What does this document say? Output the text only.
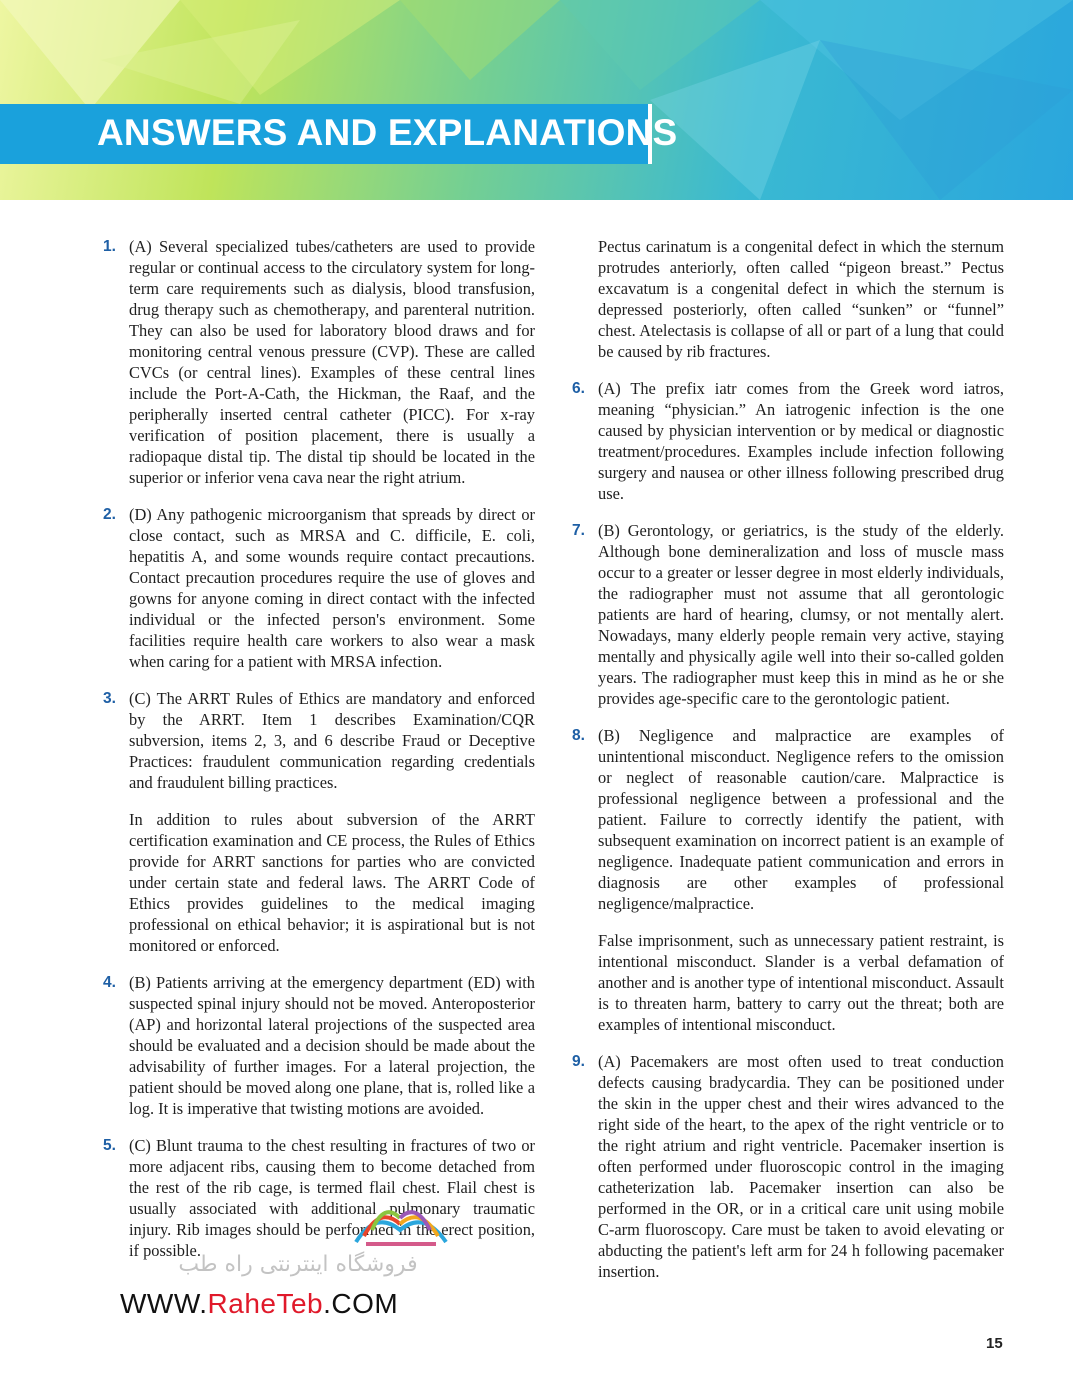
ANSWERS AND EXPLANATIONS
1. (A) Several specialized tubes/catheters are used to provide regular or continual access to the circulatory system for long-term care requirements such as dialysis, blood transfusion, drug therapy such as chemotherapy, and parenteral nutrition. They can also be used for laboratory blood draws and for monitoring central venous pressure (CVP). These are called CVCs (or central lines). Examples of these central lines include the Port-A-Cath, the Hickman, the Raaf, and the peripherally inserted central catheter (PICC). For x-ray verification of position placement, there is usually a radiopaque distal tip. The distal tip should be located in the superior or inferior vena cava near the right atrium.

2. (D) Any pathogenic microorganism that spreads by direct or close contact, such as MRSA and C. difficile, E. coli, hepatitis A, and some wounds require contact precautions. Contact precaution procedures require the use of gloves and gowns for anyone coming in direct contact with the infected individual or the infected person's environment. Some facilities require health care workers to also wear a mask when caring for a patient with MRSA infection.

3. (C) The ARRT Rules of Ethics are mandatory and enforced by the ARRT. Item 1 describes Examination/CQR subversion, items 2, 3, and 6 describe Fraud or Deceptive Practices: fraudulent communication regarding credentials and fraudulent billing practices.

In addition to rules about subversion of the ARRT certification examination and CE process, the Rules of Ethics provide for ARRT sanctions for parties who are convicted under certain state and federal laws. The ARRT Code of Ethics provides guidelines to the medical imaging professional on ethical behavior; it is aspirational but is not monitored or enforced.

4. (B) Patients arriving at the emergency department (ED) with suspected spinal injury should not be moved. Anteroposterior (AP) and horizontal lateral projections of the suspected area should be evaluated and a decision should be made about the advisability of further images. For a lateral projection, the patient should be moved along one plane, that is, rolled like a log. It is imperative that twisting motions are avoided.

5. (C) Blunt trauma to the chest resulting in fractures of two or more adjacent ribs, causing them to become detached from the rest of the rib cage, is termed flail chest. Flail chest is usually associated with additional pulmonary traumatic injury. Rib images should be performed in the erect position, if possible.

Pectus carinatum is a congenital defect in which the sternum protrudes anteriorly, often called “pigeon breast.” Pectus excavatum is a congenital defect in which the sternum is depressed posteriorly, often called “sunken” or “funnel” chest. Atelectasis is collapse of all or part of a lung that could be caused by rib fractures.

6. (A) The prefix iatr comes from the Greek word iatros, meaning “physician.” An iatrogenic infection is the one caused by physician intervention or by medical or diagnostic treatment/procedures. Examples include infection following surgery and nausea or other illness following prescribed drug use.

7. (B) Gerontology, or geriatrics, is the study of the elderly. Although bone demineralization and loss of muscle mass occur to a greater or lesser degree in most elderly individuals, the radiographer must not assume that all gerontologic patients are hard of hearing, clumsy, or not mentally alert. Nowadays, many elderly people remain very active, staying mentally and physically agile well into their so-called golden years. The radiographer must keep this in mind as he or she provides age-specific care to the gerontologic patient.

8. (B) Negligence and malpractice are examples of unintentional misconduct. Negligence refers to the omission or neglect of reasonable caution/care. Malpractice is professional negligence between a professional and the patient. Failure to correctly identify the patient, with subsequent examination on incorrect patient is an example of negligence. Inadequate patient communication and errors in diagnosis are other examples of professional negligence/malpractice.

False imprisonment, such as unnecessary patient restraint, is intentional misconduct. Slander is a verbal defamation of another and is another type of intentional misconduct. Assault is to threaten harm, battery to carry out the threat; both are examples of intentional misconduct.

9. (A) Pacemakers are most often used to treat conduction defects causing bradycardia. They can be positioned under the skin in the upper chest and their wires advanced to the right side of the heart, to the apex of the right ventricle or to the right atrium and right ventricle. Pacemaker insertion is often performed under fluoroscopic control in the imaging catheterization lab. Pacemaker insertion can also be performed in the OR, or in a critical care unit using mobile C-arm fluoroscopy. Care must be taken to avoid elevating or abducting the patient's left arm for 24 h following pacemaker insertion.

فروشگاه اینترنتی راه طب
WWW.RaheTeb.COM
15
